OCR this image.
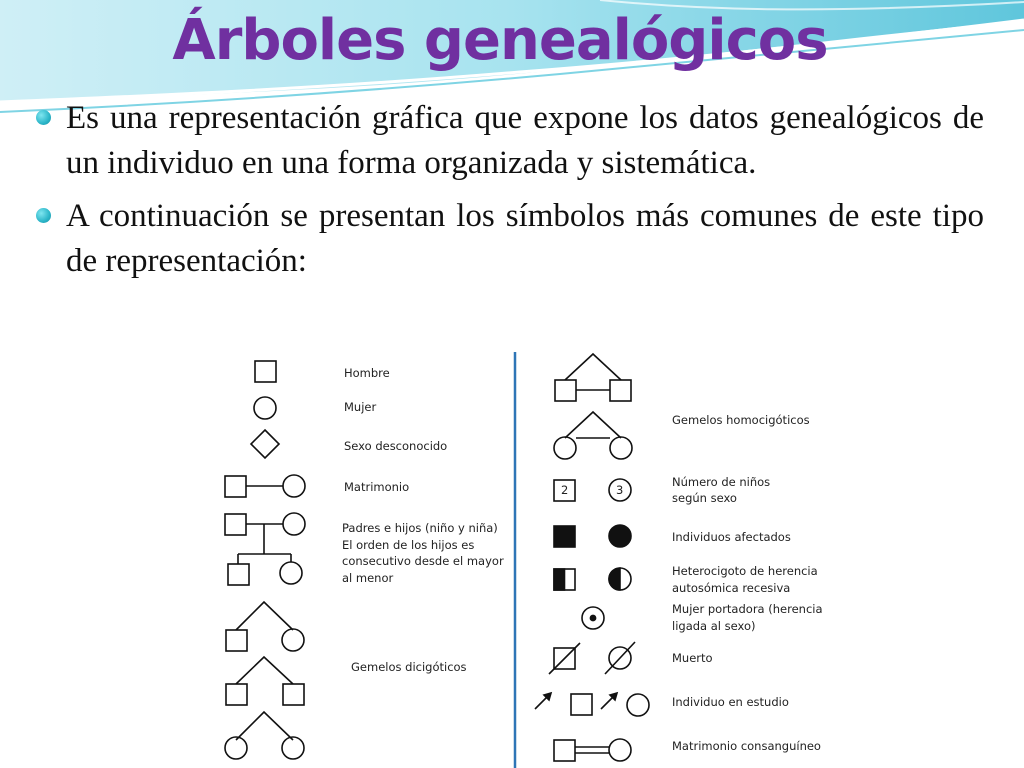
Árboles genealógicos
Es una representación gráfica que expone los datos genealógicos de un individuo en una forma organizada y sistemática.
A continuación se presentan los símbolos más comunes de este tipo de representación:
2	3
Hombre
Mujer
Sexo desconocido
Matrimonio
Padres e hijos (niño y niña)
El orden de los hijos es
consecutivo desde el mayor
al menor
Gemelos dicigóticos
Gemelos homocigóticos
Número de niños
según sexo
Individuos afectados
Heterocigoto de herencia
autosómica recesiva
Mujer portadora (herencia
ligada al sexo)
Muerto
Individuo en estudio
Matrimonio consanguíneo
